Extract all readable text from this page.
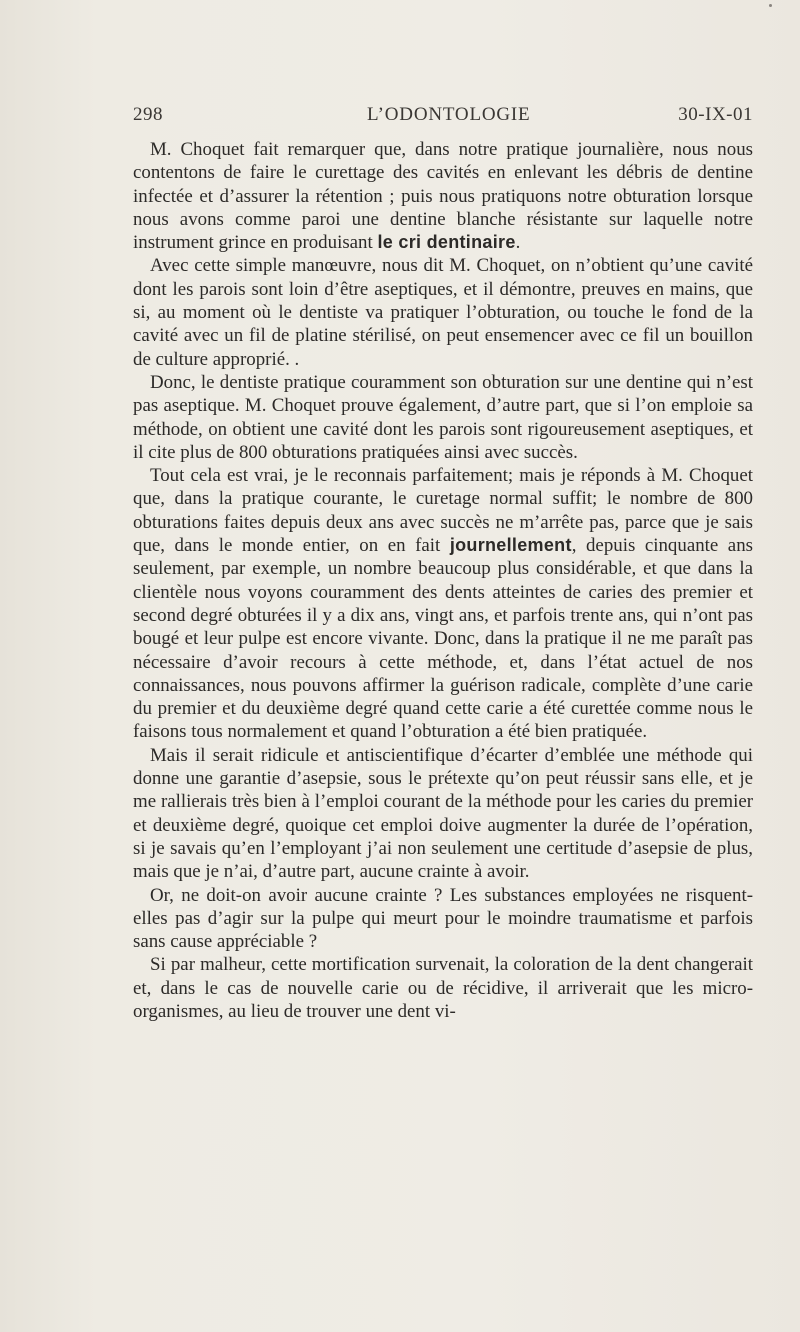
298	L’ODONTOLOGIE	30-IX-01

M. Choquet fait remarquer que, dans notre pratique journalière, nous nous contentons de faire le curettage des cavités en enlevant les débris de dentine infectée et d’assurer la rétention ; puis nous pratiquons notre obturation lorsque nous avons comme paroi une dentine blanche résistante sur laquelle notre instrument grince en produisant le cri dentinaire.

Avec cette simple manœuvre, nous dit M. Choquet, on n’obtient qu’une cavité dont les parois sont loin d’être aseptiques, et il démontre, preuves en mains, que si, au moment où le dentiste va pratiquer l’obturation, ou touche le fond de la cavité avec un fil de platine stérilisé, on peut ensemencer avec ce fil un bouillon de culture approprié. .

Donc, le dentiste pratique couramment son obturation sur une dentine qui n’est pas aseptique. M. Choquet prouve également, d’autre part, que si l’on emploie sa méthode, on obtient une cavité dont les parois sont rigoureusement aseptiques, et il cite plus de 800 obturations pratiquées ainsi avec succès.

Tout cela est vrai, je le reconnais parfaitement; mais je réponds à M. Choquet que, dans la pratique courante, le curetage normal suffit; le nombre de 800 obturations faites depuis deux ans avec succès ne m’arrête pas, parce que je sais que, dans le monde entier, on en fait journellement, depuis cinquante ans seulement, par exemple, un nombre beaucoup plus considérable, et que dans la clientèle nous voyons couramment des dents atteintes de caries des premier et second degré obturées il y a dix ans, vingt ans, et parfois trente ans, qui n’ont pas bougé et leur pulpe est encore vivante. Donc, dans la pratique il ne me paraît pas nécessaire d’avoir recours à cette méthode, et, dans l’état actuel de nos connaissances, nous pouvons affirmer la guérison radicale, complète d’une carie du premier et du deuxième degré quand cette carie a été curettée comme nous le faisons tous normalement et quand l’obturation a été bien pratiquée.

Mais il serait ridicule et antiscientifique d’écarter d’emblée une méthode qui donne une garantie d’asepsie, sous le prétexte qu’on peut réussir sans elle, et je me rallierais très bien à l’emploi courant de la méthode pour les caries du premier et deuxième degré, quoique cet emploi doive augmenter la durée de l’opération, si je savais qu’en l’employant j’ai non seulement une certitude d’asepsie de plus, mais que je n’ai, d’autre part, aucune crainte à avoir.

Or, ne doit-on avoir aucune crainte ? Les substances employées ne risquent-elles pas d’agir sur la pulpe qui meurt pour le moindre traumatisme et parfois sans cause appréciable ?

Si par malheur, cette mortification survenait, la coloration de la dent changerait et, dans le cas de nouvelle carie ou de récidive, il arriverait que les micro-organismes, au lieu de trouver une dent vi-
